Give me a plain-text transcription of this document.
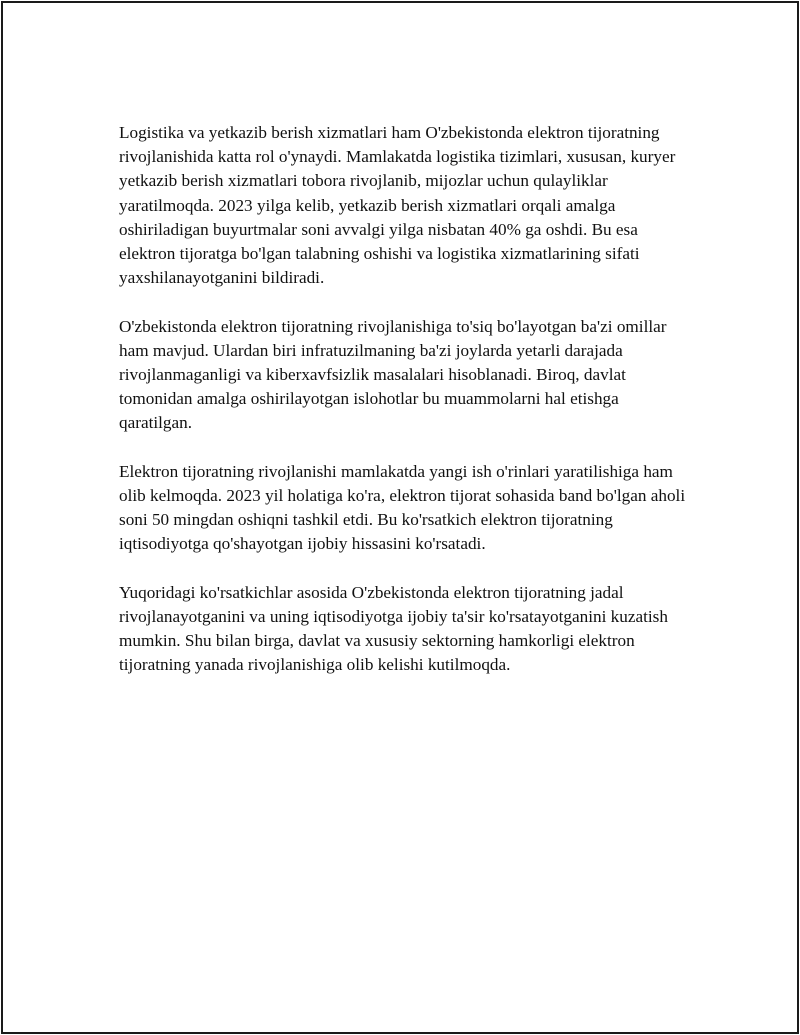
Logistika va yetkazib berish xizmatlari ham O'zbekistonda elektron tijoratning rivojlanishida katta rol o'ynaydi. Mamlakatda logistika tizimlari, xususan, kuryer yetkazib berish xizmatlari tobora rivojlanib, mijozlar uchun qulayliklar yaratilmoqda. 2023 yilga kelib, yetkazib berish xizmatlari orqali amalga oshiriladigan buyurtmalar soni avvalgi yilga nisbatan 40% ga oshdi. Bu esa elektron tijoratga bo'lgan talabning oshishi va logistika xizmatlarining sifati yaxshilanayotganini bildiradi.

O'zbekistonda elektron tijoratning rivojlanishiga to'siq bo'layotgan ba'zi omillar ham mavjud. Ulardan biri infratuzilmaning ba'zi joylarda yetarli darajada rivojlanmaganligi va kiberxavfsizlik masalalari hisoblanadi. Biroq, davlat tomonidan amalga oshirilayotgan islohotlar bu muammolarni hal etishga qaratilgan.

Elektron tijoratning rivojlanishi mamlakatda yangi ish o'rinlari yaratilishiga ham olib kelmoqda. 2023 yil holatiga ko'ra, elektron tijorat sohasida band bo'lgan aholi soni 50 mingdan oshiqni tashkil etdi. Bu ko'rsatkich elektron tijoratning iqtisodiyotga qo'shayotgan ijobiy hissasini ko'rsatadi.

Yuqoridagi ko'rsatkichlar asosida O'zbekistonda elektron tijoratning jadal rivojlanayotganini va uning iqtisodiyotga ijobiy ta'sir ko'rsatayotganini kuzatish mumkin. Shu bilan birga, davlat va xususiy sektorning hamkorligi elektron tijoratning yanada rivojlanishiga olib kelishi kutilmoqda.
